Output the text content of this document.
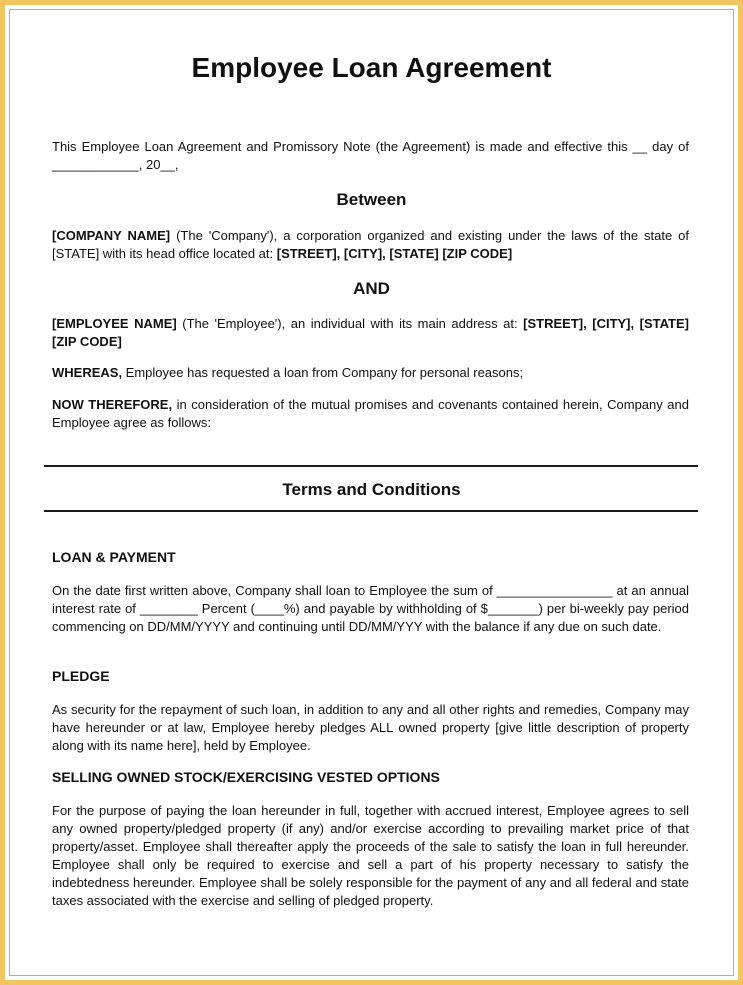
Employee Loan Agreement

This Employee Loan Agreement and Promissory Note (the Agreement) is made and effective this __ day of ____________, 20__,

Between

[COMPANY NAME] (The 'Company'), a corporation organized and existing under the laws of the state of [STATE] with its head office located at: [STREET], [CITY], [STATE] [ZIP CODE]

AND

[EMPLOYEE NAME] (The 'Employee'), an individual with its main address at: [STREET], [CITY], [STATE] [ZIP CODE]

WHEREAS, Employee has requested a loan from Company for personal reasons;

NOW THEREFORE, in consideration of the mutual promises and covenants contained herein, Company and Employee agree as follows:

Terms and Conditions
LOAN & PAYMENT

On the date first written above, Company shall loan to Employee the sum of ________________ at an annual interest rate of ________ Percent (____%) and payable by withholding of $_______) per bi-weekly pay period commencing on DD/MM/YYYY and continuing until DD/MM/YYY with the balance if any due on such date.

PLEDGE

As security for the repayment of such loan, in addition to any and all other rights and remedies, Company may have hereunder or at law, Employee hereby pledges ALL owned property [give little description of property along with its name here], held by Employee.

SELLING OWNED STOCK/EXERCISING VESTED OPTIONS

For the purpose of paying the loan hereunder in full, together with accrued interest, Employee agrees to sell any owned property/pledged property (if any) and/or exercise according to prevailing market price of that property/asset. Employee shall thereafter apply the proceeds of the sale to satisfy the loan in full hereunder. Employee shall only be required to exercise and sell a part of his property necessary to satisfy the indebtedness hereunder. Employee shall be solely responsible for the payment of any and all federal and state taxes associated with the exercise and selling of pledged property.
